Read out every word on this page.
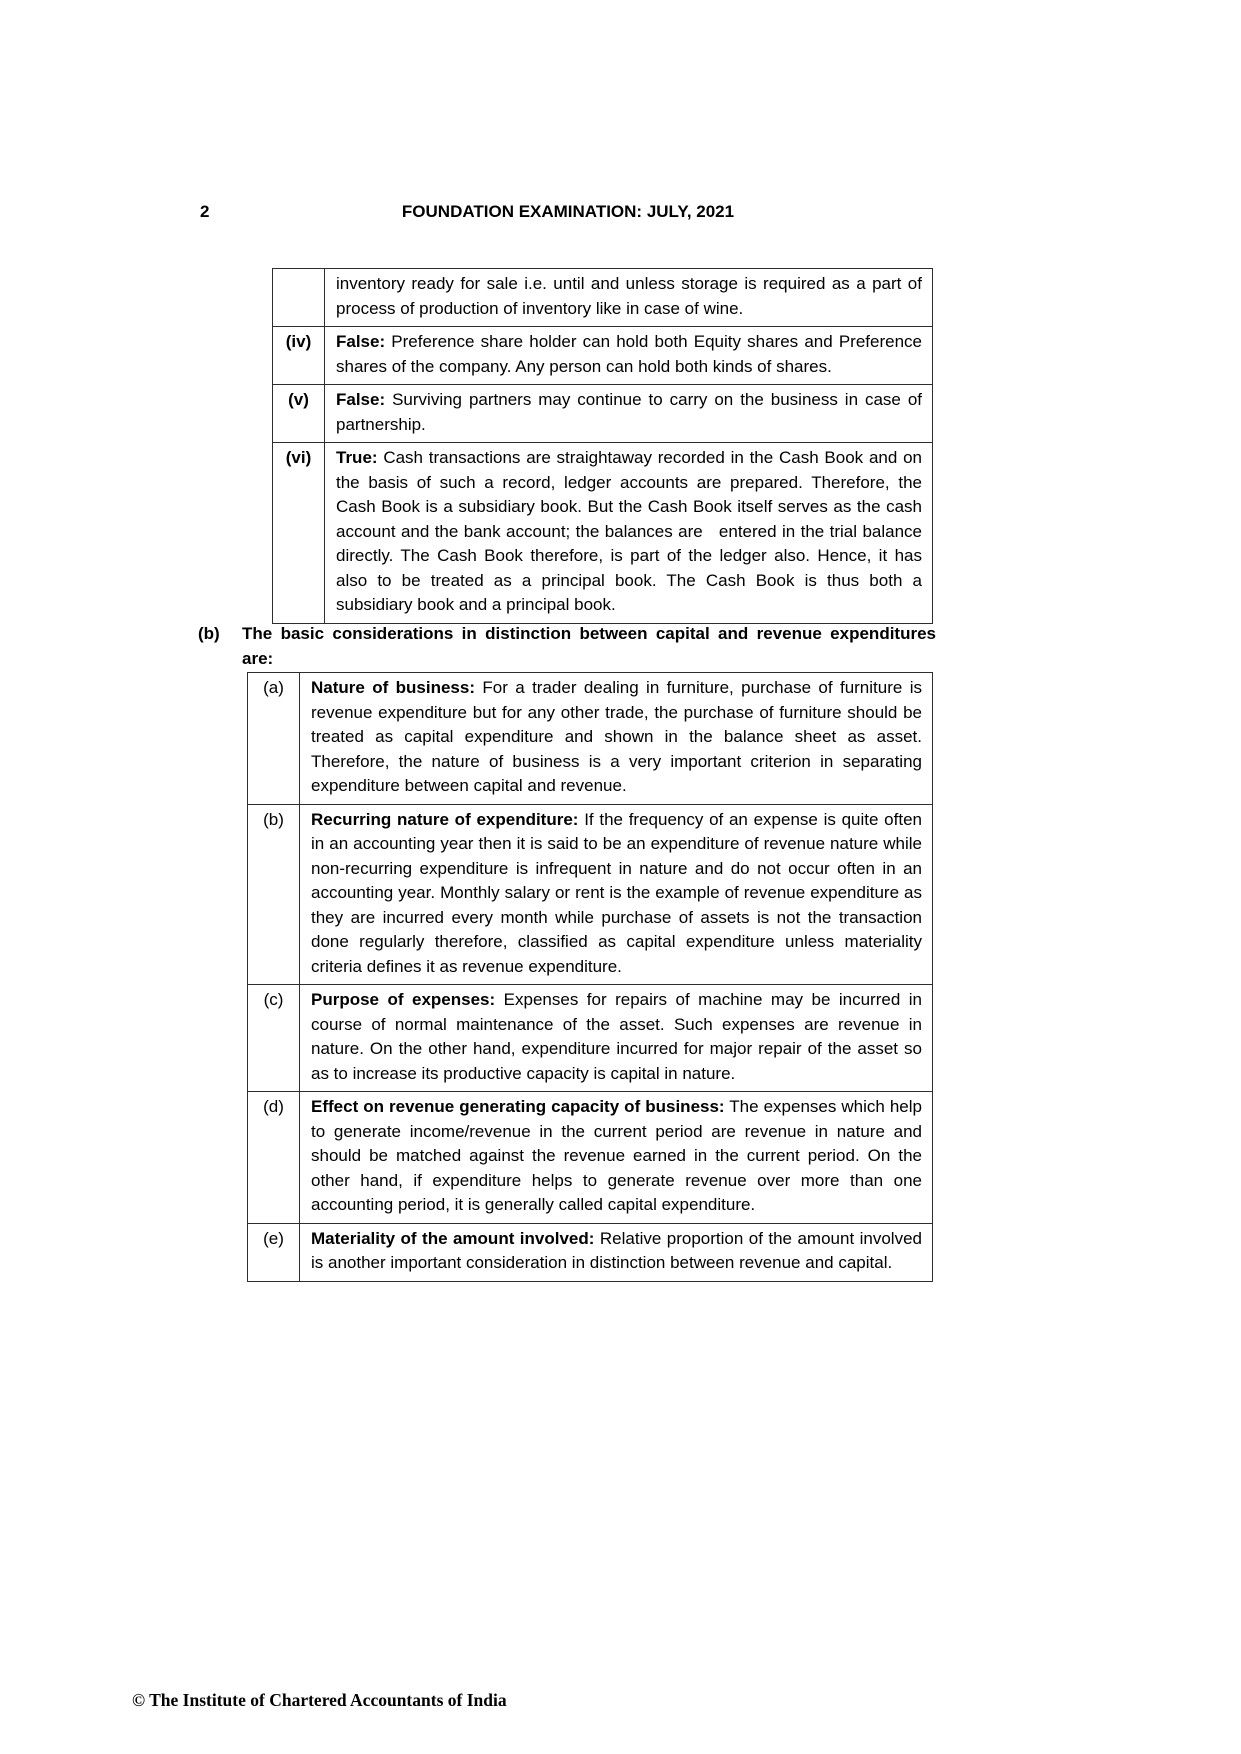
2	FOUNDATION EXAMINATION: JULY, 2021
	inventory ready for sale i.e. until and unless storage is required as a part of process of production of inventory like in case of wine.
(iv)	False: Preference share holder can hold both Equity shares and Preference shares of the company. Any person can hold both kinds of shares.
(v)	False: Surviving partners may continue to carry on the business in case of partnership.
(vi)	True: Cash transactions are straightaway recorded in the Cash Book and on the basis of such a record, ledger accounts are prepared. Therefore, the Cash Book is a subsidiary book. But the Cash Book itself serves as the cash account and the bank account; the balances are   entered in the trial balance directly. The Cash Book therefore, is part of the ledger also. Hence, it has also to be treated as a principal book. The Cash Book is thus both a subsidiary book and a principal book.
(b)	The basic considerations in distinction between capital and revenue expenditures are:
(a)	Nature of business: For a trader dealing in furniture, purchase of furniture is revenue expenditure but for any other trade, the purchase of furniture should be treated as capital expenditure and shown in the balance sheet as asset. Therefore, the nature of business is a very important criterion in separating expenditure between capital and revenue.
(b)	Recurring nature of expenditure: If the frequency of an expense is quite often in an accounting year then it is said to be an expenditure of revenue nature while non-recurring expenditure is infrequent in nature and do not occur often in an accounting year. Monthly salary or rent is the example of revenue expenditure as they are incurred every month while purchase of assets is not the transaction done regularly therefore, classified as capital expenditure unless materiality criteria defines it as revenue expenditure.
(c)	Purpose of expenses: Expenses for repairs of machine may be incurred in course of normal maintenance of the asset. Such expenses are revenue in nature. On the other hand, expenditure incurred for major repair of the asset so as to increase its productive capacity is capital in nature.
(d)	Effect on revenue generating capacity of business: The expenses which help to generate income/revenue in the current period are revenue in nature and should be matched against the revenue earned in the current period. On the other hand, if expenditure helps to generate revenue over more than one accounting period, it is generally called capital expenditure.
(e)	Materiality of the amount involved: Relative proportion of the amount involved is another important consideration in distinction between revenue and capital.
© The Institute of Chartered Accountants of India
